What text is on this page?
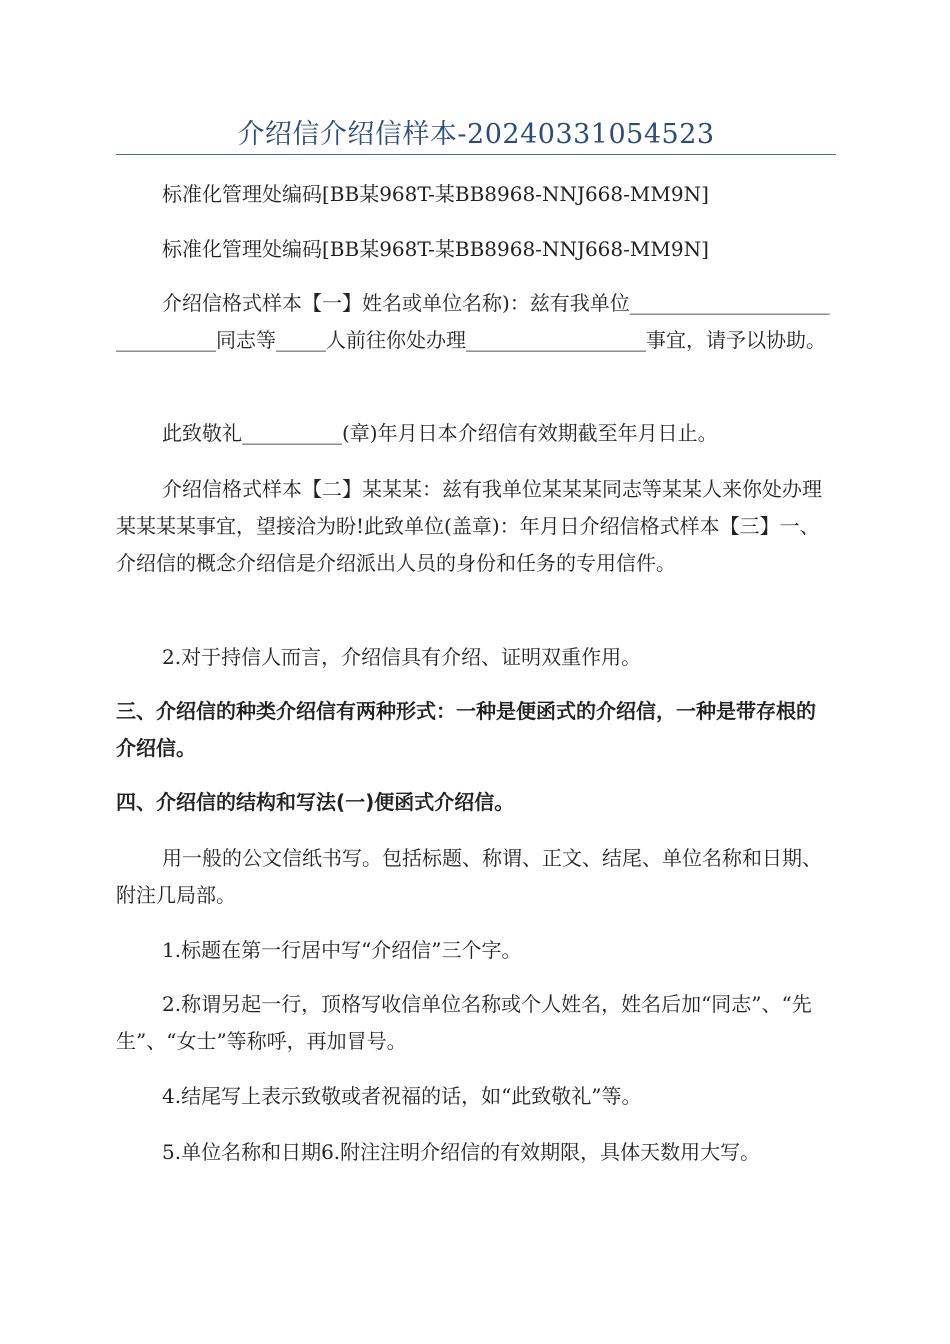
介绍信介绍信样本-20240331054523

标准化管理处编码[BB某968T-某BB8968-NNJ668-MM9N]

标准化管理处编码[BB某968T-某BB8968-NNJ668-MM9N]

介绍信格式样本【一】姓名或单位名称)：兹有我单位______________________________同志等_____人前往你处办理__________________事宜，请予以协助。

此致敬礼__________(章)年月日本介绍信有效期截至年月日止。

介绍信格式样本【二】某某某：兹有我单位某某某同志等某某人来你处办理某某某某事宜，望接洽为盼!此致单位(盖章)：年月日介绍信格式样本【三】一、介绍信的概念介绍信是介绍派出人员的身份和任务的专用信件。

2.对于持信人而言，介绍信具有介绍、证明双重作用。

三、介绍信的种类介绍信有两种形式：一种是便函式的介绍信，一种是带存根的介绍信。

四、介绍信的结构和写法(一)便函式介绍信。

用一般的公文信纸书写。包括标题、称谓、正文、结尾、单位名称和日期、附注几局部。

1.标题在第一行居中写“介绍信”三个字。

2.称谓另起一行，顶格写收信单位名称或个人姓名，姓名后加“同志”、“先生”、“女士”等称呼，再加冒号。

4.结尾写上表示致敬或者祝福的话，如“此致敬礼”等。

5.单位名称和日期6.附注注明介绍信的有效期限，具体天数用大写。
